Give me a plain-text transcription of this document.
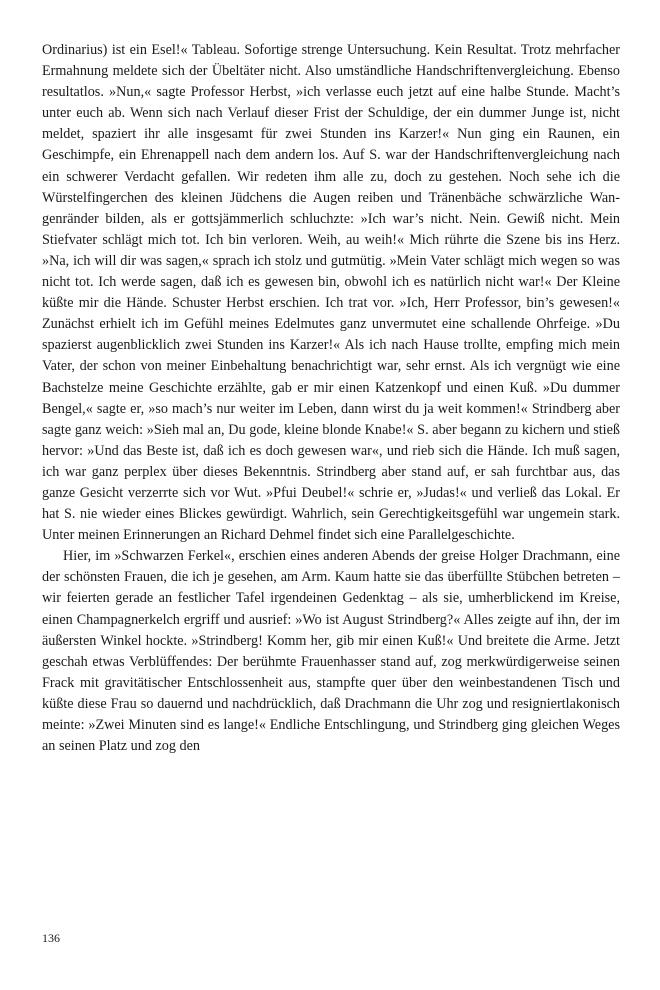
Ordinarius) ist ein Esel!« Tableau. Sofortige strenge Untersuchung. Kein Resultat. Trotz mehrfacher Ermahnung meldete sich der Übeltäter nicht. Also umständliche Handschriftenvergleichung. Ebenso resultatlos. »Nun,« sagte Professor Herbst, »ich verlasse euch jetzt auf eine halbe Stunde. Macht’s unter euch ab. Wenn sich nach Verlauf dieser Frist der Schuldige, der ein dummer Junge ist, nicht meldet, spaziert ihr alle insgesamt für zwei Stunden ins Karzer!« Nun ging ein Raunen, ein Geschimpfe, ein Ehrenappell nach dem andern los. Auf S. war der Handschriftenvergleichung nach ein schwerer Verdacht gefallen. Wir redeten ihm alle zu, doch zu gestehen. Noch sehe ich die Würstelfingerchen des kleinen Jüdchens die Augen reiben und Tränenbäche schwärzliche Wangenränder bilden, als er gottsjämmerlich schluchzte: »Ich war’s nicht. Nein. Gewiß nicht. Mein Stiefvater schlägt mich tot. Ich bin verloren. Weih, au weih!« Mich rührte die Szene bis ins Herz. »Na, ich will dir was sagen,« sprach ich stolz und gutmütig. »Mein Vater schlägt mich wegen so was nicht tot. Ich werde sagen, daß ich es gewesen bin, obwohl ich es natürlich nicht war!« Der Kleine küßte mir die Hände. Schuster Herbst erschien. Ich trat vor. »Ich, Herr Professor, bin’s gewesen!« Zunächst erhielt ich im Gefühl meines Edelmutes ganz unvermutet eine schallende Ohrfeige. »Du spazierst augenblicklich zwei Stunden ins Karzer!« Als ich nach Hause trollte, empfing mich mein Vater, der schon von meiner Einbehaltung benachrichtigt war, sehr ernst. Als ich vergnügt wie eine Bachstelze meine Geschichte erzählte, gab er mir einen Katzenkopf und einen Kuß. »Du dummer Bengel,« sagte er, »so mach’s nur weiter im Leben, dann wirst du ja weit kommen!« Strindberg aber sagte ganz weich: »Sieh mal an, Du gode, kleine blonde Knabe!« S. aber begann zu kichern und stieß hervor: »Und das Beste ist, daß ich es doch gewesen war«, und rieb sich die Hände. Ich muß sagen, ich war ganz perplex über dieses Bekenntnis. Strindberg aber stand auf, er sah furchtbar aus, das ganze Gesicht verzerrte sich vor Wut. »Pfui Deubel!« schrie er, »Judas!« und verließ das Lokal. Er hat S. nie wieder eines Blickes gewürdigt. Wahrlich, sein Gerechtigkeitsgefühl war ungemein stark. Unter meinen Erinnerungen an Richard Dehmel findet sich eine Parallelgeschichte.

Hier, im »Schwarzen Ferkel«, erschien eines anderen Abends der greise Holger Drachmann, eine der schönsten Frauen, die ich je gesehen, am Arm. Kaum hatte sie das überfüllte Stübchen betreten – wir feierten gerade an festlicher Tafel irgendeinen Gedenktag – als sie, umherblickend im Kreise, einen Champagnerkelch ergriff und ausrief: »Wo ist August Strindberg?« Alles zeigte auf ihn, der im äußersten Winkel hockte. »Strindberg! Komm her, gib mir einen Kuß!« Und breitete die Arme. Jetzt geschah etwas Verblüffendes: Der berühmte Frauenhasser stand auf, zog merkwürdigerweise seinen Frack mit gravitätischer Entschlossenheit aus, stampfte quer über den weinbestandenen Tisch und küßte diese Frau so dauernd und nachdrücklich, daß Drachmann die Uhr zog und resigniertlakonisch meinte: »Zwei Minuten sind es lange!« Endliche Entschlingung, und Strindberg ging gleichen Weges an seinen Platz und zog den

136
